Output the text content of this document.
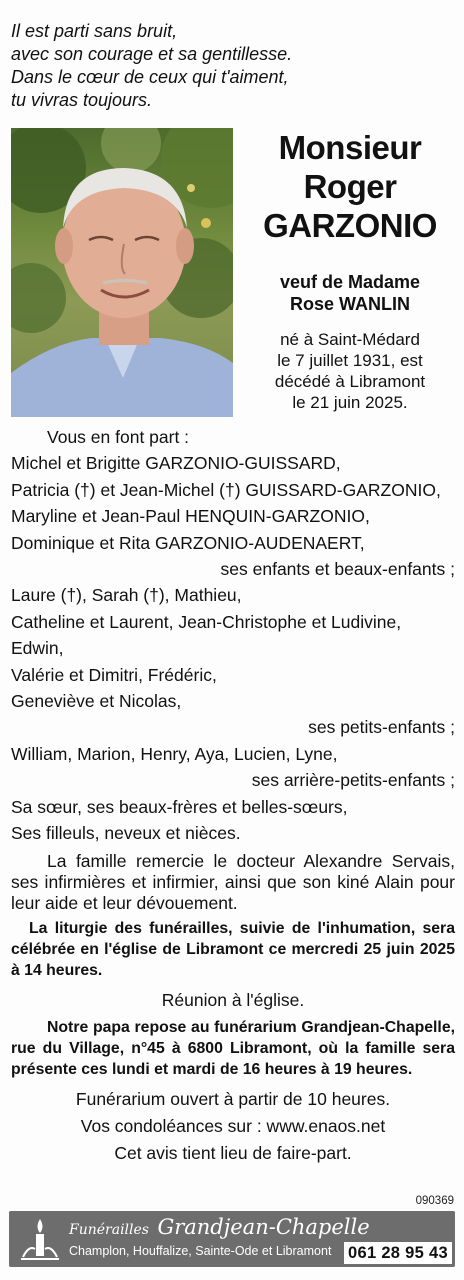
Il est parti sans bruit,
avec son courage et sa gentillesse.
Dans le cœur de ceux qui t'aiment,
tu vivras toujours.
Monsieur
Roger
GARZONIO
veuf de Madame
Rose WANLIN
né à Saint-Médard
le 7 juillet 1931, est
décédé à Libramont
le 21 juin 2025.
Vous en font part :
Michel et Brigitte GARZONIO-GUISSARD,
Patricia (†) et Jean-Michel (†) GUISSARD-GARZONIO,
Maryline et Jean-Paul HENQUIN-GARZONIO,
Dominique et Rita GARZONIO-AUDENAERT,
ses enfants et beaux-enfants ;
Laure (†), Sarah (†), Mathieu,
Catheline et Laurent, Jean-Christophe et Ludivine,
Edwin,
Valérie et Dimitri, Frédéric,
Geneviève et Nicolas,
ses petits-enfants ;
William, Marion, Henry, Aya, Lucien, Lyne,
ses arrière-petits-enfants ;
Sa sœur, ses beaux-frères et belles-sœurs,
Ses filleuls, neveux et nièces.
La famille remercie le docteur Alexandre Servais, ses infirmières et infirmier, ainsi que son kiné Alain pour leur aide et leur dévouement.
La liturgie des funérailles, suivie de l'inhumation, sera célébrée en l'église de Libramont ce mercredi 25 juin 2025 à 14 heures.
Réunion à l'église.
Notre papa repose au funérarium Grandjean-Chapelle, rue du Village, n°45 à 6800 Libramont, où la famille sera présente ces lundi et mardi de 16 heures à 19 heures.
Funérarium ouvert à partir de 10 heures.
Vos condoléances sur : www.enaos.net
Cet avis tient lieu de faire-part.
090369
Funérailles Grandjean-Chapelle
Champlon, Houffalize, Sainte-Ode et Libramont 061 28 95 43
